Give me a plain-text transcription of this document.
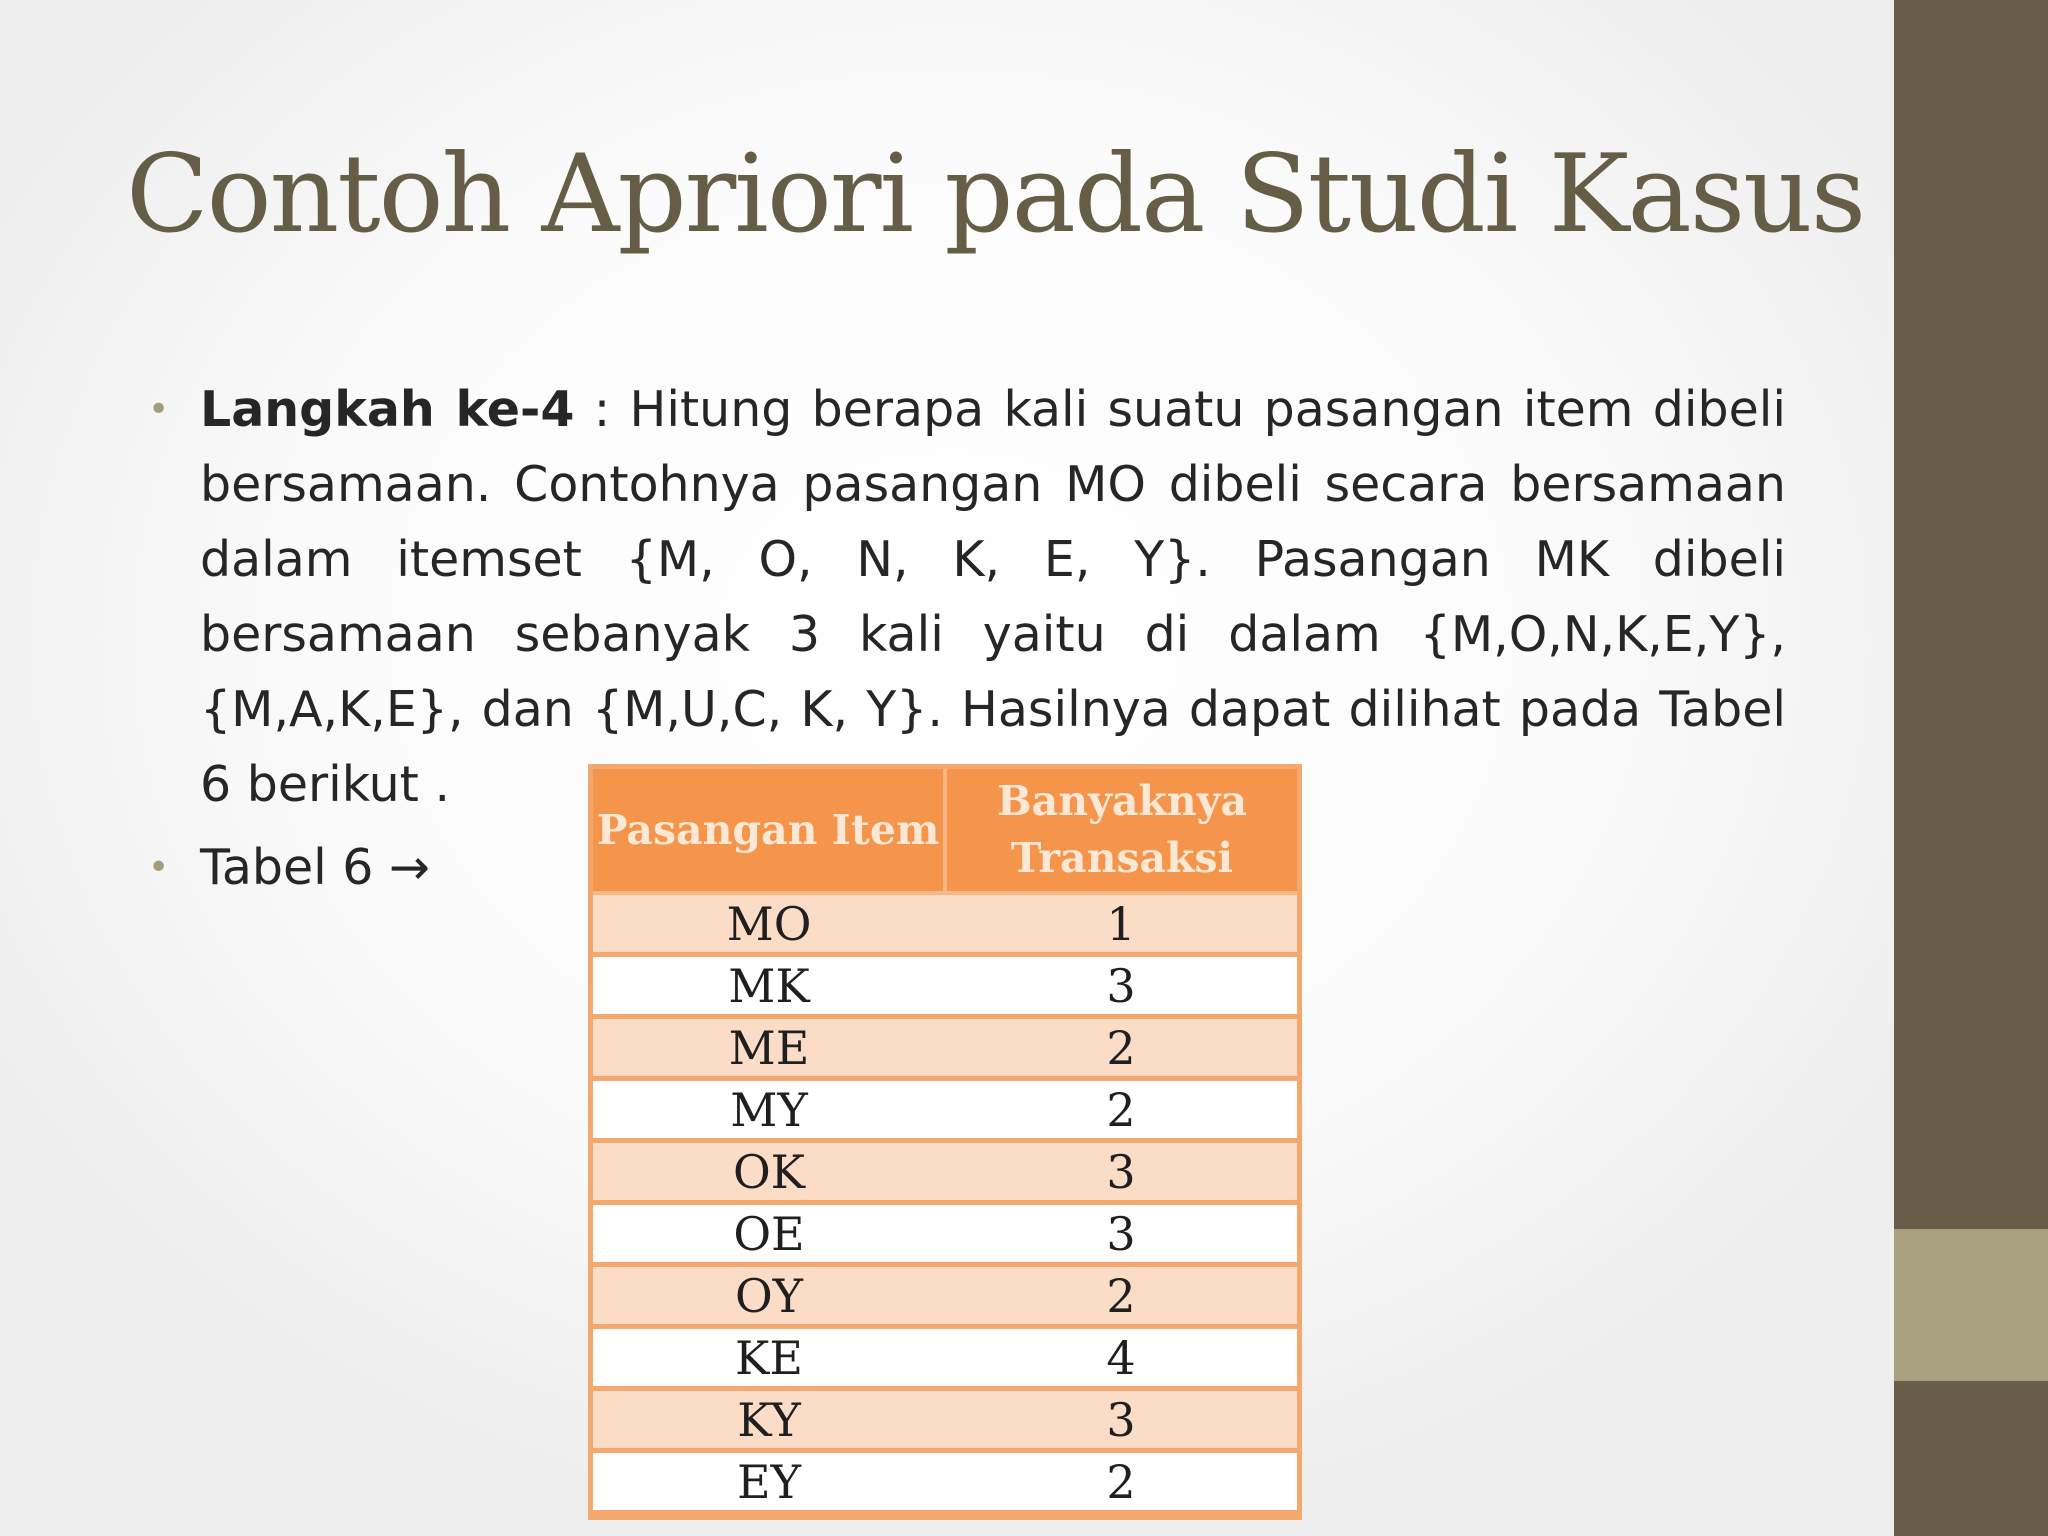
Contoh Apriori pada Studi Kasus
• Langkah ke-4 : Hitung berapa kali suatu pasangan item dibeli bersamaan. Contohnya pasangan MO dibeli secara bersamaan dalam itemset {M, O, N, K, E, Y}. Pasangan MK dibeli bersamaan sebanyak 3 kali yaitu di dalam {M,O,N,K,E,Y}, {M,A,K,E}, dan {M,U,C, K, Y}. Hasilnya dapat dilihat pada Tabel 6 berikut .
• Tabel 6 →
Pasangan Item	Banyaknya Transaksi
MO	1
MK	3
ME	2
MY	2
OK	3
OE	3
OY	2
KE	4
KY	3
EY	2
